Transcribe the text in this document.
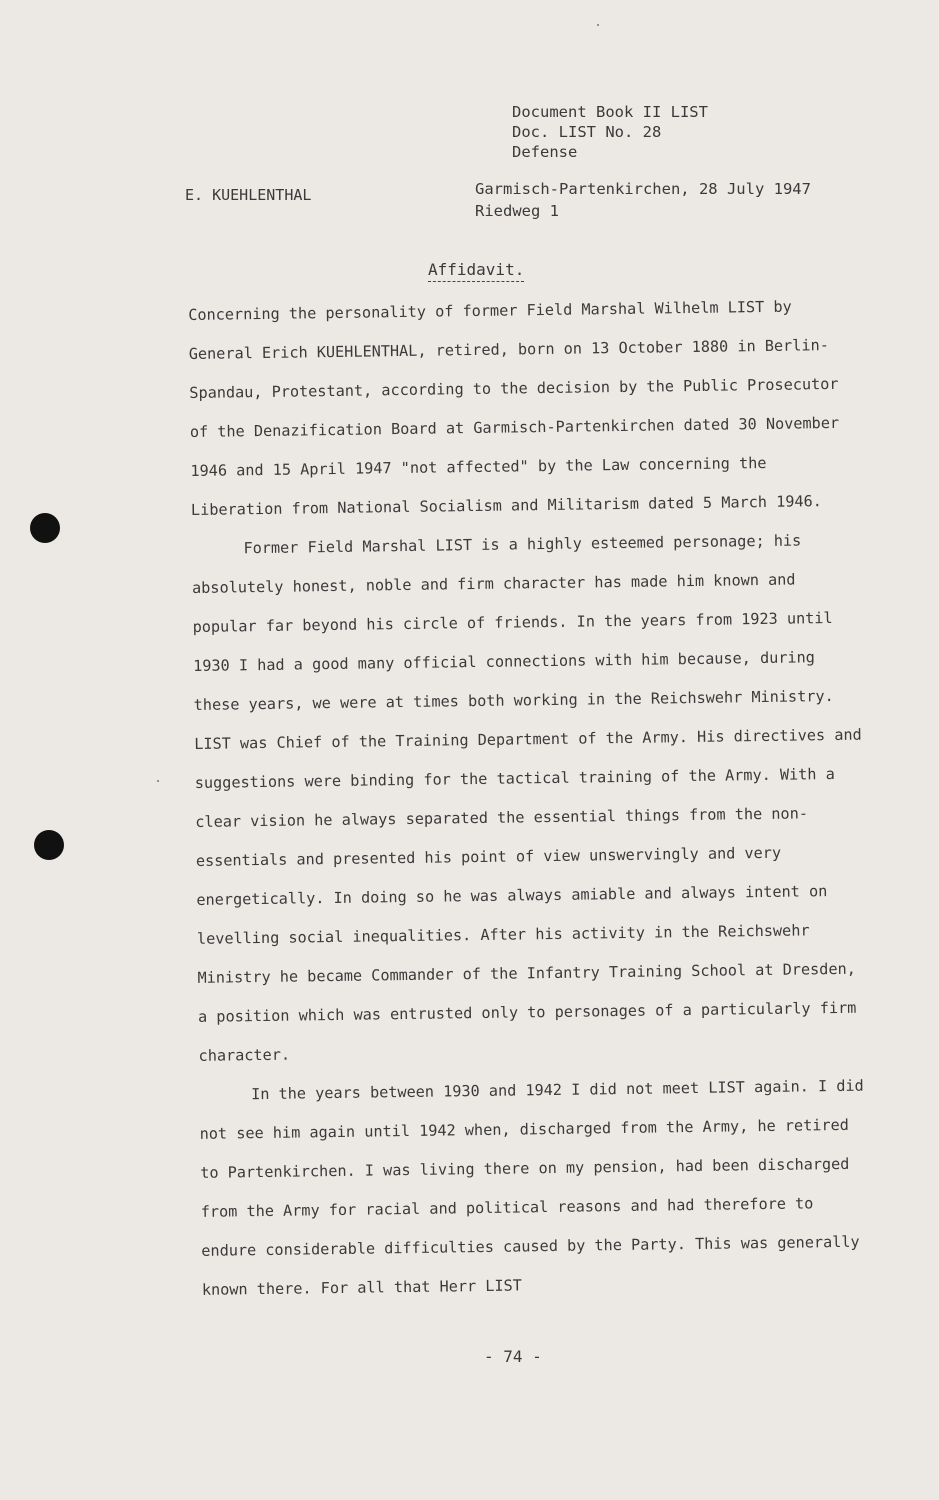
Document Book II LIST
Doc. LIST No. 28
Defense
E. KUEHLENTHAL	Garmisch-Partenkirchen, 28 July 1947
Riedweg 1
Affidavit.

Concerning the personality of former Field Marshal Wilhelm LIST by General Erich KUEHLENTHAL, retired, born on 13 October 1880 in Berlin-Spandau, Protestant, according to the decision by the Public Prosecutor of the Denazification Board at Garmisch-Partenkirchen dated 30 November 1946 and 15 April 1947 "not affected" by the Law concerning the Liberation from National Socialism and Militarism dated 5 March 1946.

Former Field Marshal LIST is a highly esteemed personage; his absolutely honest, noble and firm character has made him known and popular far beyond his circle of friends. In the years from 1923 until 1930 I had a good many official connections with him because, during these years, we were at times both working in the Reichswehr Ministry. LIST was Chief of the Training Department of the Army. His directives and suggestions were binding for the tactical training of the Army. With a clear vision he always separated the essential things from the non-essentials and presented his point of view unswervingly and very energetically. In doing so he was always amiable and always intent on levelling social inequalities. After his activity in the Reichswehr Ministry he became Commander of the Infantry Training School at Dresden, a position which was entrusted only to personages of a particularly firm character.

In the years between 1930 and 1942 I did not meet LIST again. I did not see him again until 1942 when, discharged from the Army, he retired to Partenkirchen. I was living there on my pension, had been discharged from the Army for racial and political reasons and had therefore to endure considerable difficulties caused by the Party. This was generally known there. For all that Herr LIST

- 74 -
